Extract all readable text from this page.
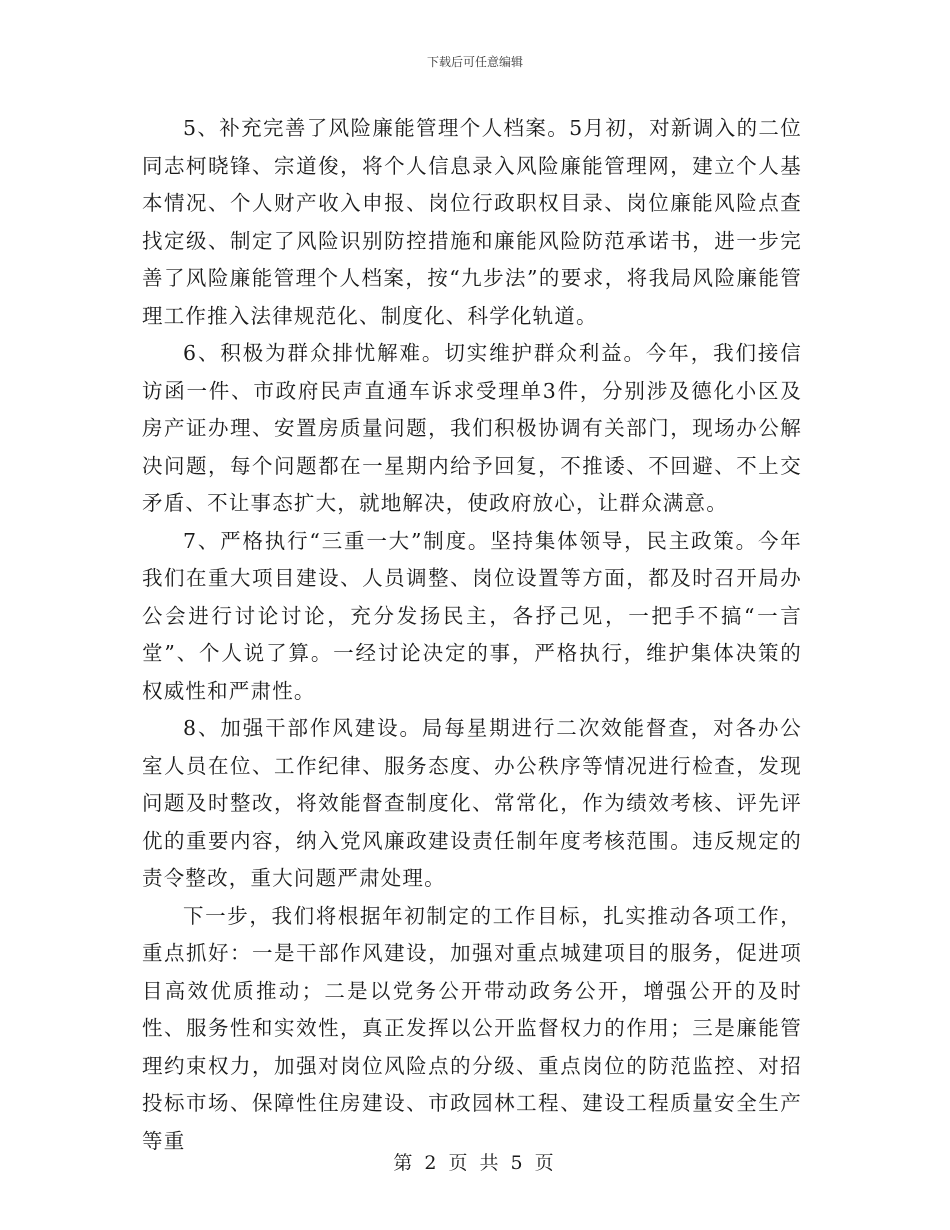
下载后可任意编辑

5、补充完善了风险廉能管理个人档案。5月初，对新调入的二位同志柯晓锋、宗道俊，将个人信息录入风险廉能管理网，建立个人基本情况、个人财产收入申报、岗位行政职权目录、岗位廉能风险点查找定级、制定了风险识别防控措施和廉能风险防范承诺书，进一步完善了风险廉能管理个人档案，按“九步法”的要求，将我局风险廉能管理工作推入法律规范化、制度化、科学化轨道。

6、积极为群众排忧解难。切实维护群众利益。今年，我们接信访函一件、市政府民声直通车诉求受理单3件，分别涉及德化小区及房产证办理、安置房质量问题，我们积极协调有关部门，现场办公解决问题，每个问题都在一星期内给予回复，不推诿、不回避、不上交矛盾、不让事态扩大，就地解决，使政府放心，让群众满意。

7、严格执行“三重一大”制度。坚持集体领导，民主政策。今年我们在重大项目建设、人员调整、岗位设置等方面，都及时召开局办公会进行讨论讨论，充分发扬民主，各抒己见，一把手不搞“一言堂”、个人说了算。一经讨论决定的事，严格执行，维护集体决策的权威性和严肃性。

8、加强干部作风建设。局每星期进行二次效能督查，对各办公室人员在位、工作纪律、服务态度、办公秩序等情况进行检查，发现问题及时整改，将效能督查制度化、常常化，作为绩效考核、评先评优的重要内容，纳入党风廉政建设责任制年度考核范围。违反规定的责令整改，重大问题严肃处理。

下一步，我们将根据年初制定的工作目标，扎实推动各项工作，重点抓好：一是干部作风建设，加强对重点城建项目的服务，促进项目高效优质推动；二是以党务公开带动政务公开，增强公开的及时性、服务性和实效性，真正发挥以公开监督权力的作用；三是廉能管理约束权力，加强对岗位风险点的分级、重点岗位的防范监控、对招投标市场、保障性住房建设、市政园林工程、建设工程质量安全生产等重

第 2 页 共 5 页
